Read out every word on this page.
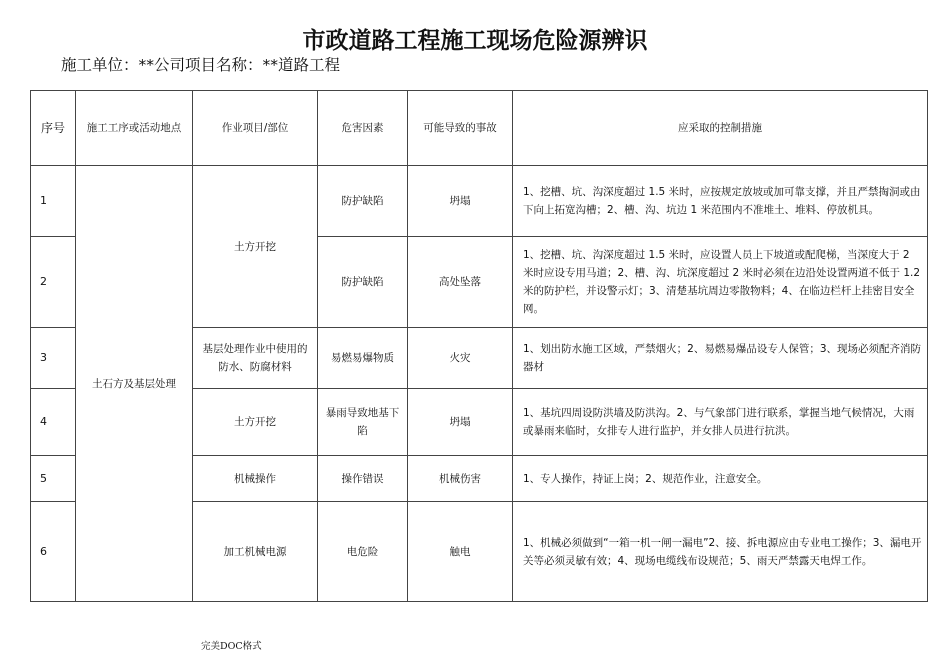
市政道路工程施工现场危险源辨识
施工单位：**公司项目名称：**道路工程
序号	施工工序或活动地点	作业项目/部位	危害因素	可能导致的事故	应采取的控制措施
1	土石方及基层处理	土方开挖	防护缺陷	坍塌	1、挖槽、坑、沟深度超过 1.5 米时，应按规定放坡或加可靠支撑，并且严禁掏洞或由下向上拓宽沟槽；2、槽、沟、坑边 1 米范围内不准堆土、堆料、停放机具。
2			防护缺陷	高处坠落	1、挖槽、坑、沟深度超过 1.5 米时，应设置人员上下坡道或配爬梯，当深度大于 2 米时应设专用马道；2、槽、沟、坑深度超过 2 米时必须在边沿处设置两道不低于 1.2 米的防护栏，并设警示灯；3、清楚基坑周边零散物料；4、在临边栏杆上挂密目安全网。
3		基层处理作业中使用的防水、防腐材料	易燃易爆物质	火灾	1、划出防水施工区域，严禁烟火；2、易燃易爆品设专人保管；3、现场必须配齐消防器材
4		土方开挖	暴雨导致地基下陷	坍塌	1、基坑四周设防洪墙及防洪沟。2、与气象部门进行联系，掌握当地气候情况，大雨或暴雨来临时，女排专人进行监护，并女排人员进行抗洪。
5		机械操作	操作错误	机械伤害	1、专人操作，持证上岗；2、规范作业，注意安全。
6		加工机械电源	电危险	触电	1、机械必须做到“一箱一机一闸一漏电”2、接、拆电源应由专业电工操作；3、漏电开关等必须灵敏有效；4、现场电缆线布设规范；5、雨天严禁露天电焊工作。
完美DOC格式
